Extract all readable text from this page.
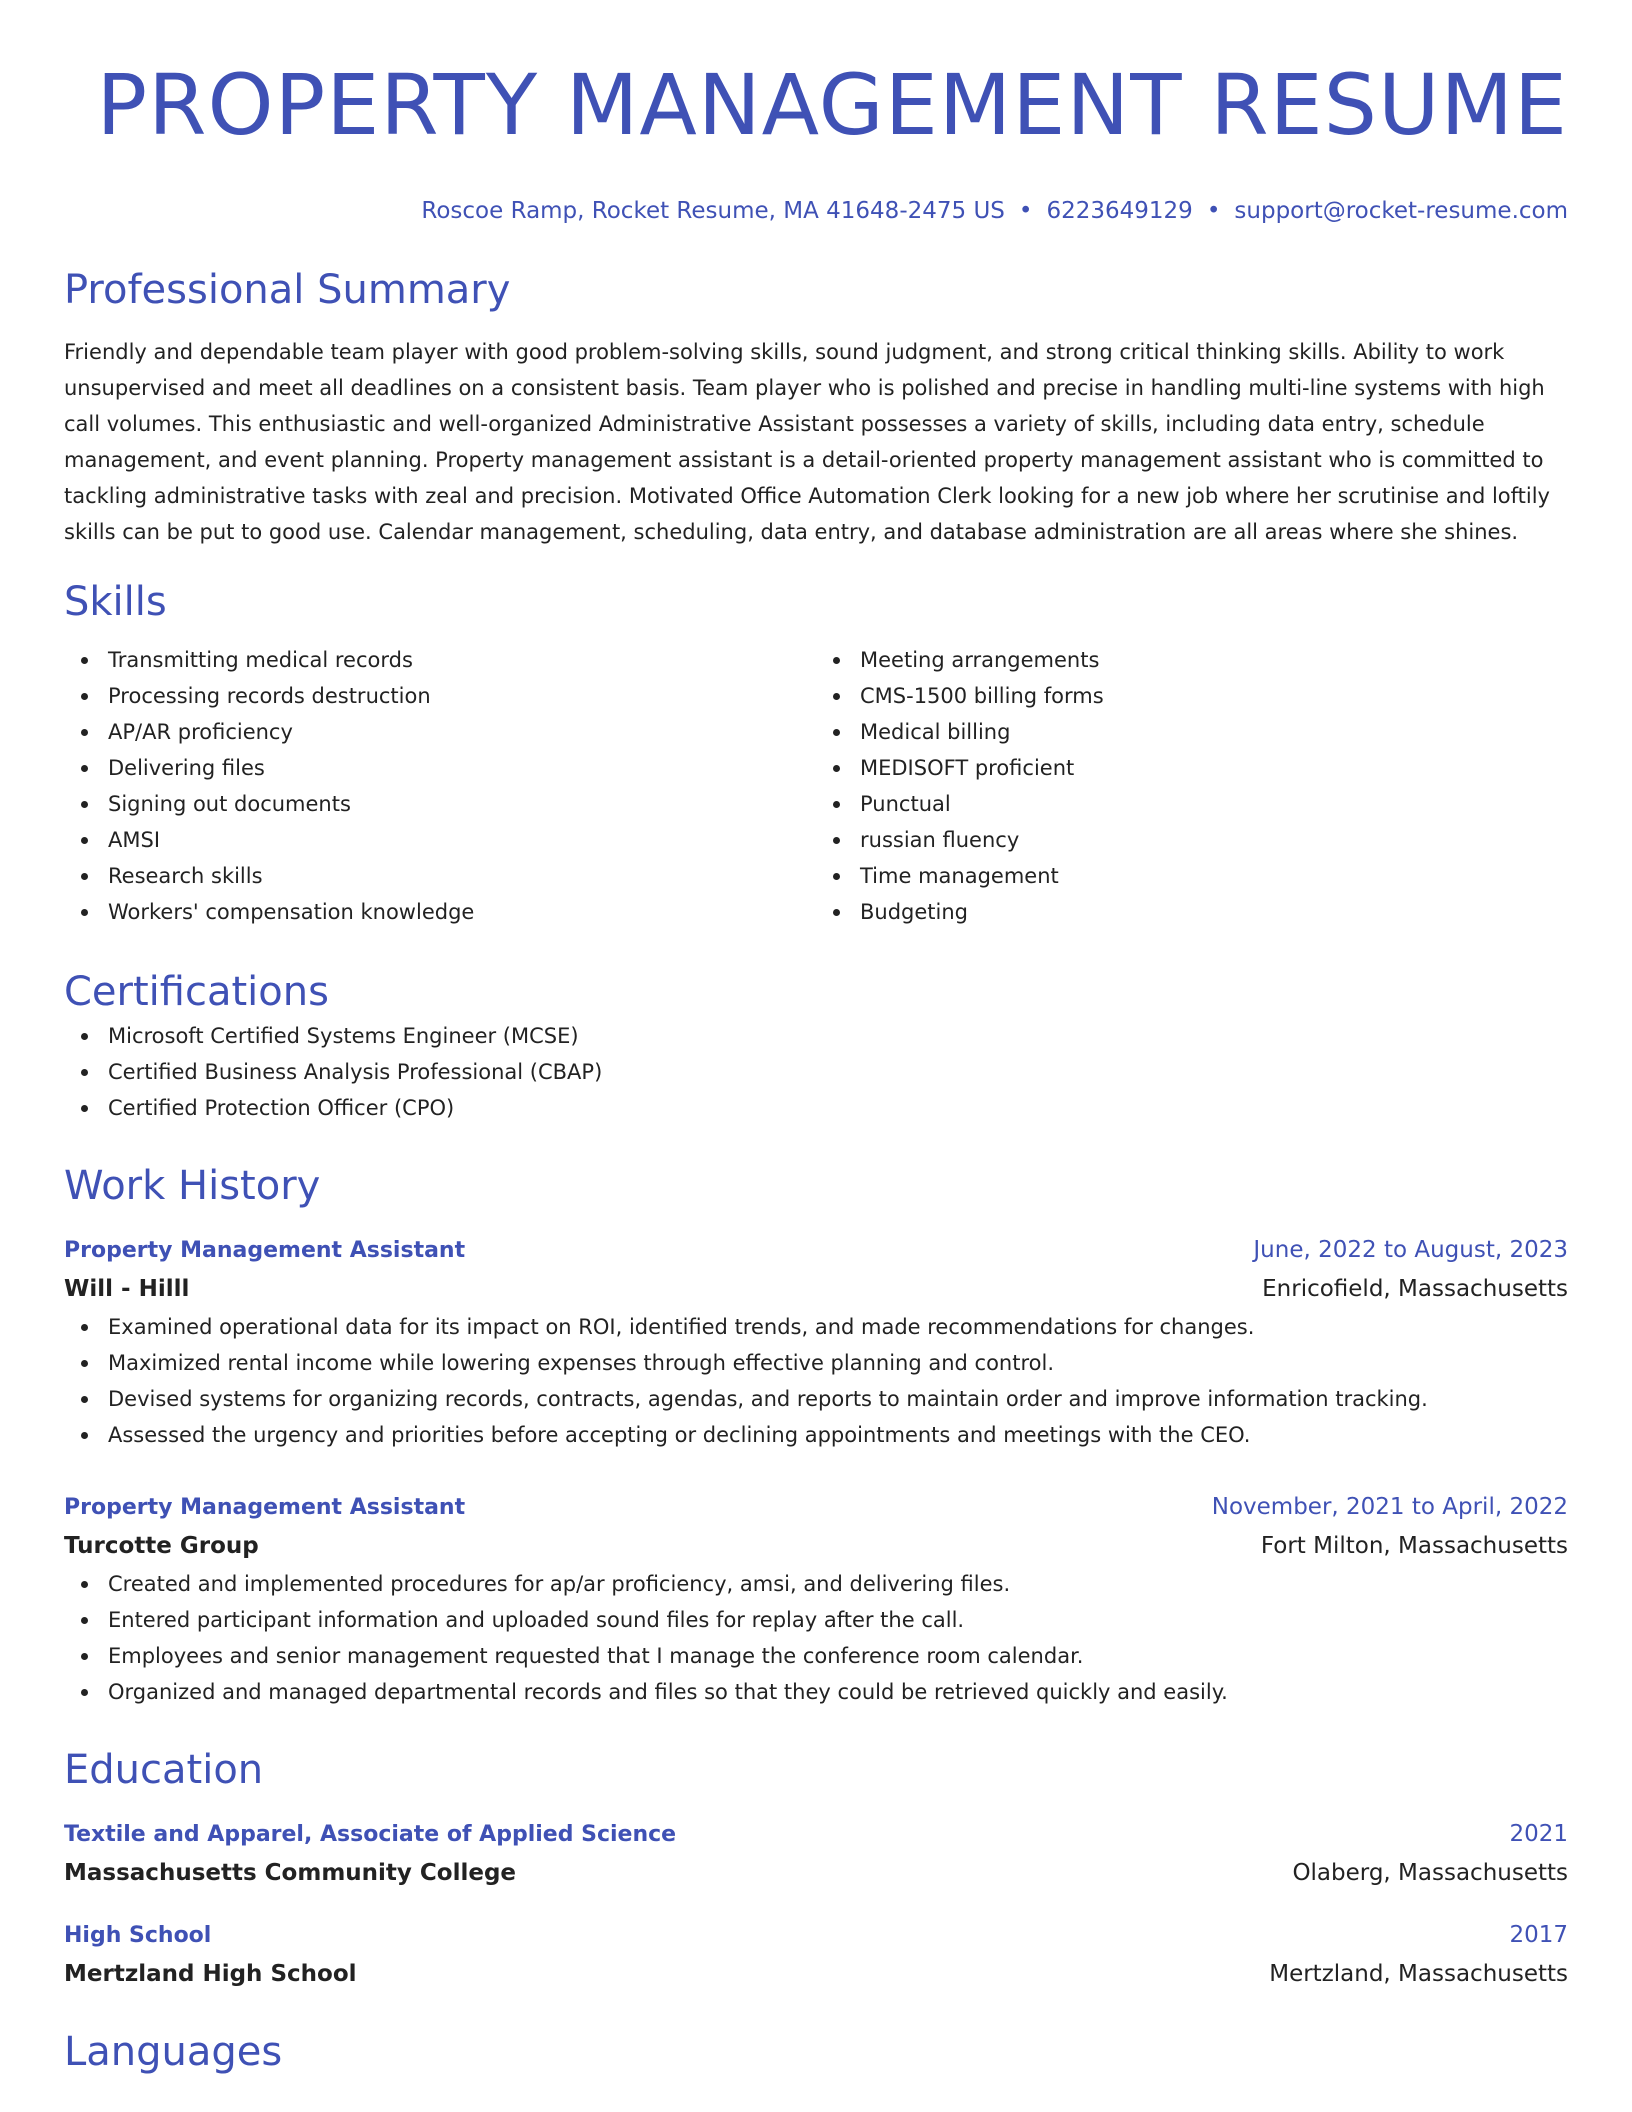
PROPERTY MANAGEMENT RESUME
Roscoe Ramp, Rocket Resume, MA 41648-2475 US • 6223649129 • support@rocket-resume.com
Professional Summary

Friendly and dependable team player with good problem-solving skills, sound judgment, and strong critical thinking skills. Ability to work unsupervised and meet all deadlines on a consistent basis. Team player who is polished and precise in handling multi-line systems with high call volumes. This enthusiastic and well-organized Administrative Assistant possesses a variety of skills, including data entry, schedule management, and event planning. Property management assistant is a detail-oriented property management assistant who is committed to tackling administrative tasks with zeal and precision. Motivated Office Automation Clerk looking for a new job where her scrutinise and loftily skills can be put to good use. Calendar management, scheduling, data entry, and database administration are all areas where she shines.

Skills
Transmitting medical records
Processing records destruction
AP/AR proficiency
Delivering files
Signing out documents
AMSI
Research skills
Workers' compensation knowledge
Meeting arrangements
CMS-1500 billing forms
Medical billing
MEDISOFT proficient
Punctual
russian fluency
Time management
Budgeting
Certifications
Microsoft Certified Systems Engineer (MCSE)
Certified Business Analysis Professional (CBAP)
Certified Protection Officer (CPO)
Work History
Property Management Assistant	June, 2022 to August, 2023
Will - Hilll	Enricofield, Massachusetts
Examined operational data for its impact on ROI, identified trends, and made recommendations for changes.
Maximized rental income while lowering expenses through effective planning and control.
Devised systems for organizing records, contracts, agendas, and reports to maintain order and improve information tracking.
Assessed the urgency and priorities before accepting or declining appointments and meetings with the CEO.
Property Management Assistant	November, 2021 to April, 2022
Turcotte Group	Fort Milton, Massachusetts
Created and implemented procedures for ap/ar proficiency, amsi, and delivering files.
Entered participant information and uploaded sound files for replay after the call.
Employees and senior management requested that I manage the conference room calendar.
Organized and managed departmental records and files so that they could be retrieved quickly and easily.
Education
Textile and Apparel, Associate of Applied Science	2021
Massachusetts Community College	Olaberg, Massachusetts
High School	2017
Mertzland High School	Mertzland, Massachusetts
Languages
